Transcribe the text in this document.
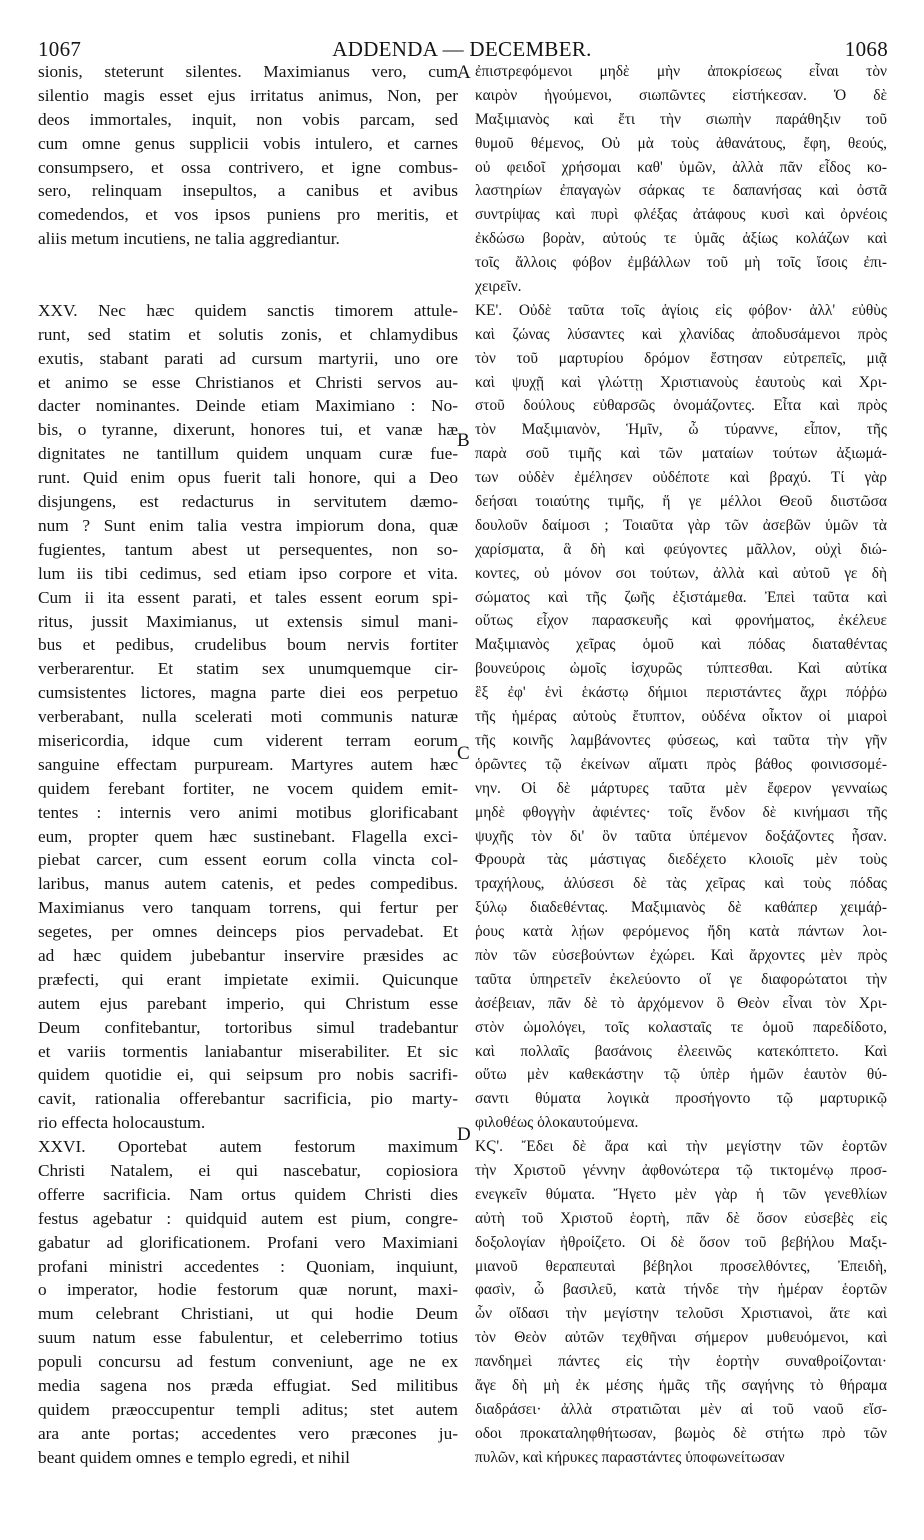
1067	ADDENDA — DECEMBER.	1068
A
B
C
D
sionis, steterunt silentes. Maximianus vero, cum
silentio magis esset ejus irritatus animus, Non, per
deos immortales, inquit, non vobis parcam, sed
cum omne genus supplicii vobis intulero, et carnes
consumpsero, et ossa contrivero, et igne combus-
sero, relinquam insepultos, a canibus et avibus
comedendos, et vos ipsos puniens pro meritis, et
aliis metum incutiens, ne talia aggrediantur.
XXV. Nec hæc quidem sanctis timorem attule-
runt, sed statim et solutis zonis, et chlamydibus
exutis, stabant parati ad cursum martyrii, uno ore
et animo se esse Christianos et Christi servos au-
dacter nominantes. Deinde etiam Maximiano : No-
bis, o tyranne, dixerunt, honores tui, et vanæ hæ
dignitates ne tantillum quidem unquam curæ fue-
runt. Quid enim opus fuerit tali honore, qui a Deo
disjungens, est redacturus in servitutem dæmo-
num ? Sunt enim talia vestra impiorum dona, quæ
fugientes, tantum abest ut persequentes, non so-
lum iis tibi cedimus, sed etiam ipso corpore et vita.
Cum ii ita essent parati, et tales essent eorum spi-
ritus, jussit Maximianus, ut extensis simul mani-
bus et pedibus, crudelibus boum nervis fortiter
verberarentur. Et statim sex unumquemque cir-
cumsistentes lictores, magna parte diei eos perpetuo
verberabant, nulla scelerati moti communis naturæ
misericordia, idque cum viderent terram eorum
sanguine effectam purpuream. Martyres autem hæc
quidem ferebant fortiter, ne vocem quidem emit-
tentes : internis vero animi motibus glorificabant
eum, propter quem hæc sustinebant. Flagella exci-
piebat carcer, cum essent eorum colla vincta col-
laribus, manus autem catenis, et pedes compedibus.
Maximianus vero tanquam torrens, qui fertur per
segetes, per omnes deinceps pios pervadebat. Et
ad hæc quidem jubebantur inservire præsides ac
præfecti, qui erant impietate eximii. Quicunque
autem ejus parebant imperio, qui Christum esse
Deum confitebantur, tortoribus simul tradebantur
et variis tormentis laniabantur miserabiliter. Et sic
quidem quotidie ei, qui seipsum pro nobis sacrifi-
cavit, rationalia offerebantur sacrificia, pio marty-
rio effecta holocaustum.
XXVI. Oportebat autem festorum maximum
Christi Natalem, ei qui nascebatur, copiosiora
offerre sacrificia. Nam ortus quidem Christi dies
festus agebatur : quidquid autem est pium, congre-
gabatur ad glorificationem. Profani vero Maximiani
profani ministri accedentes : Quoniam, inquiunt,
o imperator, hodie festorum quæ norunt, maxi-
mum celebrant Christiani, ut qui hodie Deum
suum natum esse fabulentur, et celeberrimo totius
populi concursu ad festum conveniunt, age ne ex
media sagena nos præda effugiat. Sed militibus
quidem præoccupentur templi aditus; stet autem
ara ante portas; accedentes vero præcones ju-
beant quidem omnes e templo egredi, et nihil
ἐπιστρεφόμενοι μηδὲ μὴν ἀποκρίσεως εἶναι τὸν
καιρὸν ἡγούμενοι, σιωπῶντες εἱστήκεσαν. Ὁ δὲ
Μαξιμιανὸς καὶ ἔτι τὴν σιωπὴν παράθηξιν τοῦ
θυμοῦ θέμενος, Οὐ μὰ τοὺς ἀθανάτους, ἔφη, θεούς,
οὐ φειδοῖ χρήσομαι καθ' ὑμῶν, ἀλλὰ πᾶν εἶδος κο-
λαστηρίων ἐπαγαγὼν σάρκας τε δαπανήσας καὶ ὀστᾶ
συντρίψας καὶ πυρὶ φλέξας ἀτάφους κυσὶ καὶ ὀρνέοις
ἐκδώσω βορὰν, αὐτούς τε ὑμᾶς ἀξίως κολάζων καὶ
τοῖς ἄλλοις φόβον ἐμβάλλων τοῦ μὴ τοῖς ἴσοις ἐπι-
χειρεῖν.
ΚΕ'. Οὐδὲ ταῦτα τοῖς ἁγίοις εἰς φόβον· ἀλλ' εὐθὺς
καὶ ζώνας λύσαντες καὶ χλανίδας ἀποδυσάμενοι πρὸς
τὸν τοῦ μαρτυρίου δρόμον ἔστησαν εὐτρεπεῖς, μιᾷ
καὶ ψυχῇ καὶ γλώττῃ Χριστιανοὺς ἑαυτοὺς καὶ Χρι-
στοῦ δούλους εὐθαρσῶς ὀνομάζοντες. Εἶτα καὶ πρὸς
τὸν Μαξιμιανὸν, Ἡμῖν, ὦ τύραννε, εἶπον, τῆς
παρὰ σοῦ τιμῆς καὶ τῶν ματαίων τούτων ἀξιωμά-
των οὐδὲν ἐμέλησεν οὐδέποτε καὶ βραχύ. Τί γὰρ
δεήσαι τοιαύτης τιμῆς, ἥ γε μέλλοι Θεοῦ διιστῶσα
δουλοῦν δαίμοσι ; Τοιαῦτα γὰρ τῶν ἀσεβῶν ὑμῶν τὰ
χαρίσματα, ἃ δὴ καὶ φεύγοντες μᾶλλον, οὐχὶ διώ-
κοντες, οὐ μόνον σοι τούτων, ἀλλὰ καὶ αὐτοῦ γε δὴ
σώματος καὶ τῆς ζωῆς ἐξιστάμεθα. Ἐπεὶ ταῦτα καὶ
οὕτως εἶχον παρασκευῆς καὶ φρονήματος, ἐκέλευε
Μαξιμιανὸς χεῖρας ὁμοῦ καὶ πόδας διαταθέντας
βουνεύροις ὠμοῖς ἰσχυρῶς τύπτεσθαι. Καὶ αὐτίκα
ἓξ ἐφ' ἑνὶ ἑκάστῳ δήμιοι περιστάντες ἄχρι πόῤῥω
τῆς ἡμέρας αὐτοὺς ἔτυπτον, οὐδένα οἶκτον οἱ μιαροὶ
τῆς κοινῆς λαμβάνοντες φύσεως, καὶ ταῦτα τὴν γῆν
ὁρῶντες τῷ ἐκείνων αἵματι πρὸς βάθος φοινισσομέ-
νην. Οἱ δὲ μάρτυρες ταῦτα μὲν ἔφερον γενναίως
μηδὲ φθογγὴν ἀφιέντες· τοῖς ἔνδον δὲ κινήμασι τῆς
ψυχῆς τὸν δι' ὃν ταῦτα ὑπέμενον δοξάζοντες ἦσαν.
Φρουρὰ τὰς μάστιγας διεδέχετο κλοιοῖς μὲν τοὺς
τραχήλους, ἁλύσεσι δὲ τὰς χεῖρας καὶ τοὺς πόδας
ξύλῳ διαδεθέντας. Μαξιμιανὸς δὲ καθάπερ χειμάῤ-
ῥους κατὰ λῄων φερόμενος ἤδη κατὰ πάντων λοι-
πὸν τῶν εὐσεβούντων ἐχώρει. Καὶ ἄρχοντες μὲν πρὸς
ταῦτα ὑπηρετεῖν ἐκελεύοντο οἵ γε διαφορώτατοι τὴν
ἀσέβειαν, πᾶν δὲ τὸ ἀρχόμενον ὃ Θεὸν εἶναι τὸν Χρι-
στὸν ὡμολόγει, τοῖς κολασταῖς τε ὁμοῦ παρεδίδοτο,
καὶ πολλαῖς βασάνοις ἐλεεινῶς κατεκόπτετο. Καὶ
οὕτω μὲν καθεκάστην τῷ ὑπὲρ ἡμῶν ἑαυτὸν θύ-
σαντι θύματα λογικὰ προσήγοντο τῷ μαρτυρικῷ
φιλοθέως ὁλοκαυτούμενα.
ΚϚ'. Ἔδει δὲ ἄρα καὶ τὴν μεγίστην τῶν ἑορτῶν
τὴν Χριστοῦ γέννην ἀφθονώτερα τῷ τικτομένῳ προσ-
ενεγκεῖν θύματα. Ἤγετο μὲν γὰρ ἡ τῶν γενεθλίων
αὐτὴ τοῦ Χριστοῦ ἑορτὴ, πᾶν δὲ ὅσον εὐσεβὲς εἰς
δοξολογίαν ἠθροίζετο. Οἱ δὲ ὅσον τοῦ βεβήλου Μαξι-
μιανοῦ θεραπευταὶ βέβηλοι προσελθόντες, Ἐπειδὴ,
φασὶν, ὦ βασιλεῦ, κατὰ τήνδε τὴν ἡμέραν ἑορτῶν
ὧν οἴδασι τὴν μεγίστην τελοῦσι Χριστιανοὶ, ἅτε καὶ
τὸν Θεὸν αὐτῶν τεχθῆναι σήμερον μυθευόμενοι, καὶ
πανδημεὶ πάντες εἰς τὴν ἑορτὴν συναθροίζονται·
ἄγε δὴ μὴ ἐκ μέσης ἡμᾶς τῆς σαγήνης τὸ θήραμα
διαδράσει· ἀλλὰ στρατιῶται μὲν αἱ τοῦ ναοῦ εἴσ-
οδοι προκαταληφθήτωσαν, βωμὸς δὲ στήτω πρὸ τῶν
πυλῶν, καὶ κήρυκες παραστάντες ὑποφωνείτωσαν
